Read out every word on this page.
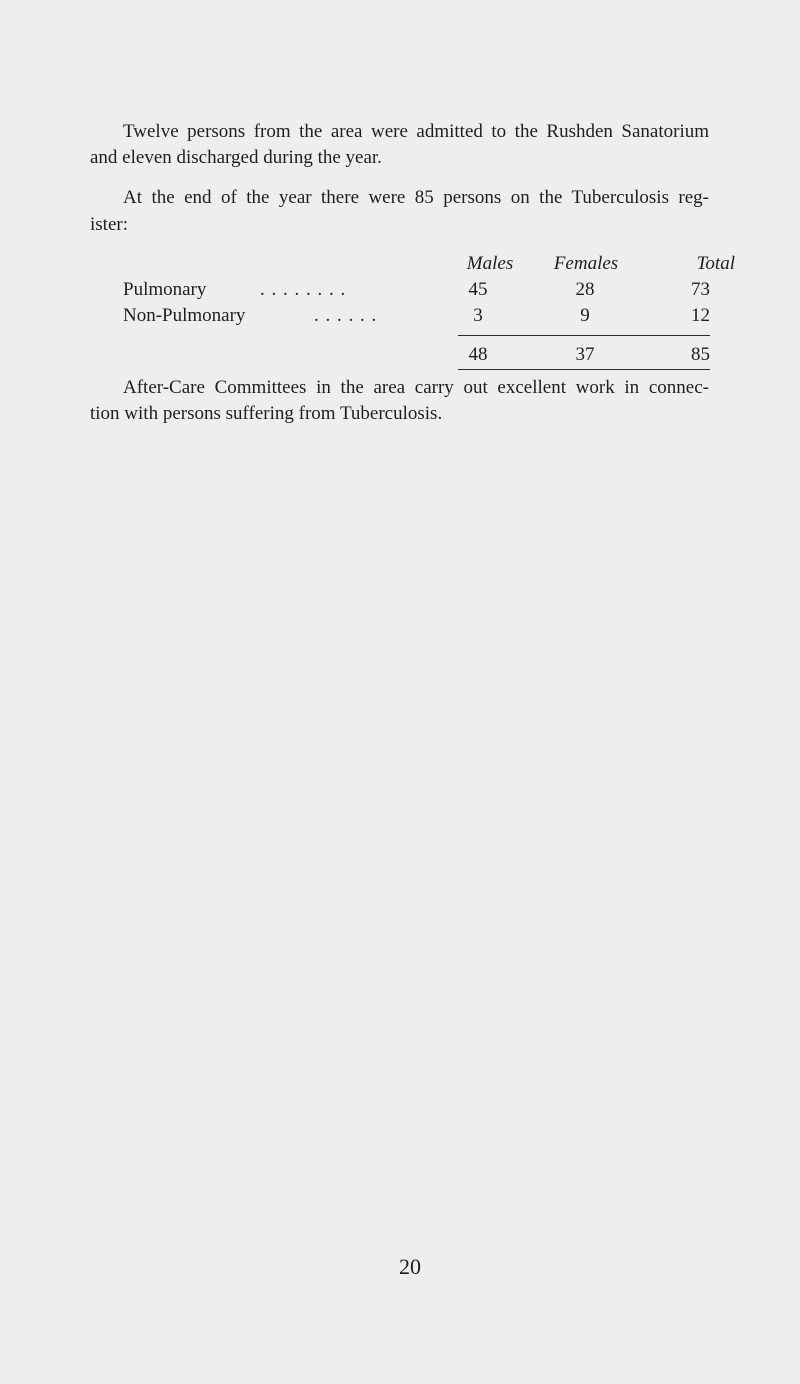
Twelve persons from the area were admitted to the Rushden Sanatorium
and eleven discharged during the year.
At the end of the year there were 85 persons on the Tuberculosis reg-
ister:
Males	Females	Total
Pulmonary	. . . . . . . .	45	28	73
Non-Pulmonary	. . . . . .	3	9	12
48	37	85
After-Care Committees in the area carry out excellent work in connec-
tion with persons suffering from Tuberculosis.
20
